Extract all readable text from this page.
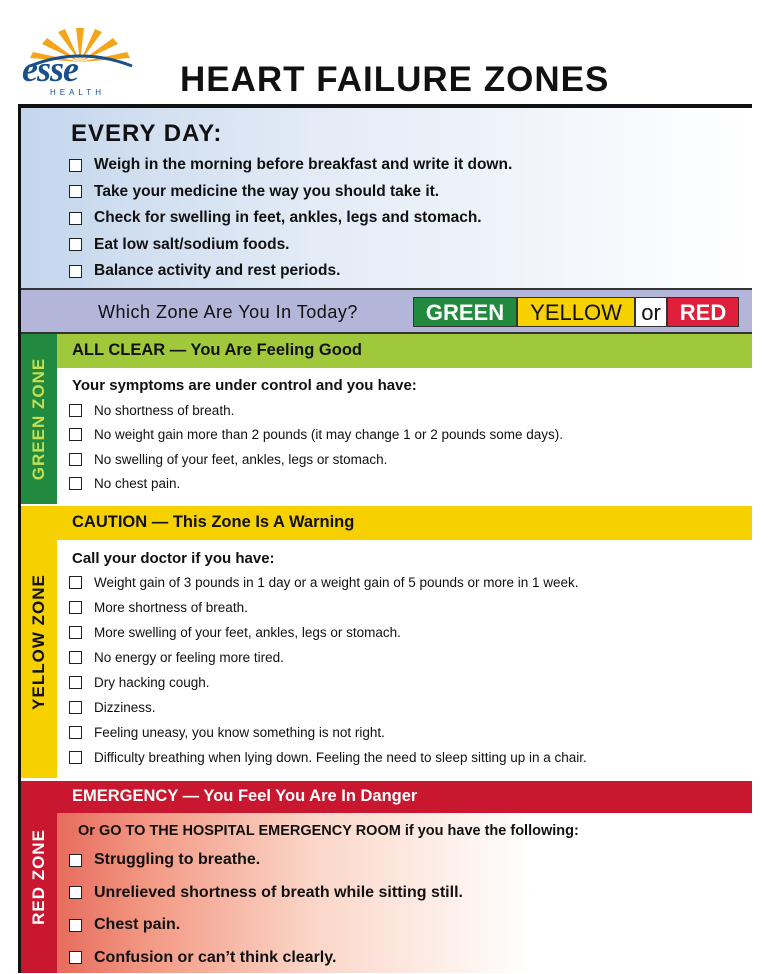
esse
HEALTH HEART FAILURE ZONES
EVERY DAY:
Weigh in the morning before breakfast and write it down.
Take your medicine the way you should take it.
Check for swelling in feet, ankles, legs and stomach.
Eat low salt/sodium foods.
Balance activity and rest periods.
Which Zone Are You In Today?	GREEN	YELLOW or RED
GREEN ZONE
ALL CLEAR — You Are Feeling Good
Your symptoms are under control and you have:
No shortness of breath.
No weight gain more than 2 pounds (it may change 1 or 2 pounds some days).
No swelling of your feet, ankles, legs or stomach.
No chest pain.
YELLOW ZONE
CAUTION — This Zone Is A Warning
Call your doctor if you have:
Weight gain of 3 pounds in 1 day or a weight gain of 5 pounds or more in 1 week.
More shortness of breath.
More swelling of your feet, ankles, legs or stomach.
No energy or feeling more tired.
Dry hacking cough.
Dizziness.
Feeling uneasy, you know something is not right.
Difficulty breathing when lying down. Feeling the need to sleep sitting up in a chair.
RED ZONE
EMERGENCY — You Feel You Are In Danger
Or GO TO THE HOSPITAL EMERGENCY ROOM if you have the following:
Struggling to breathe.
Unrelieved shortness of breath while sitting still.
Chest pain.
Confusion or can’t think clearly.
